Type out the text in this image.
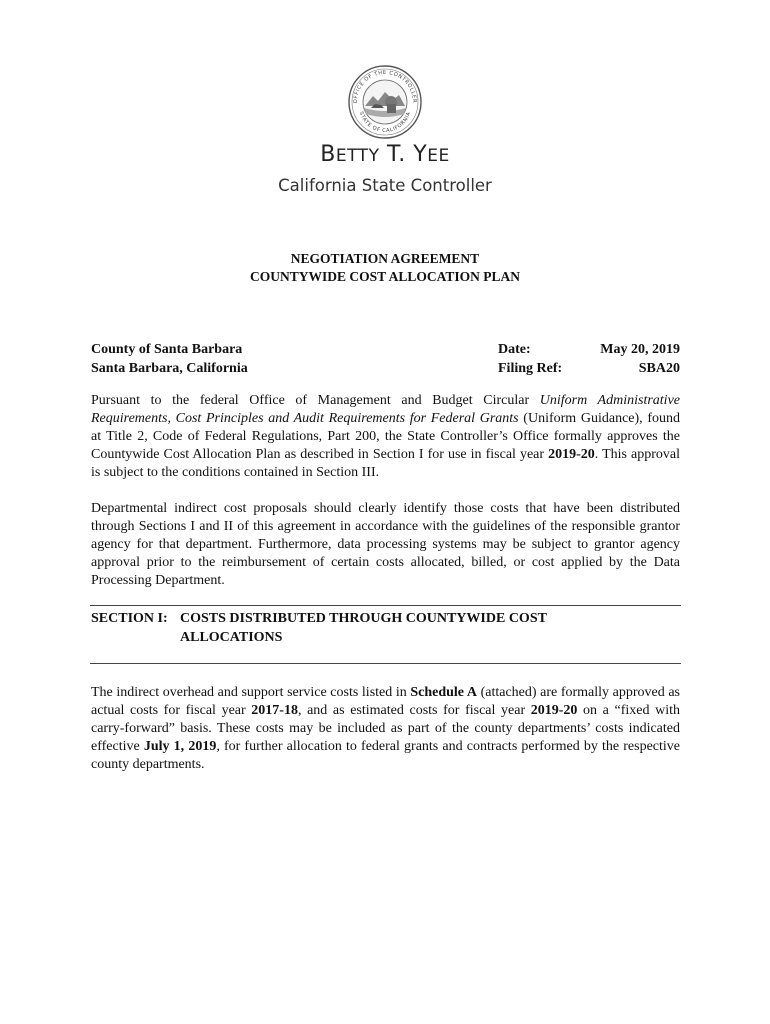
OFFICE OF THE CONTROLLER
STATE OF CALIFORNIA
BETTY T. YEE
California State Controller
NEGOTIATION AGREEMENT
COUNTYWIDE COST ALLOCATION PLAN
County of Santa Barbara
Santa Barbara, California
Date:
Filing Ref:
May 20, 2019
SBA20
Pursuant to the federal Office of Management and Budget Circular Uniform Administrative Requirements, Cost Principles and Audit Requirements for Federal Grants (Uniform Guidance), found at Title 2, Code of Federal Regulations, Part 200, the State Controller’s Office formally approves the Countywide Cost Allocation Plan as described in Section I for use in fiscal year 2019-20. This approval is subject to the conditions contained in Section III.
Departmental indirect cost proposals should clearly identify those costs that have been distributed through Sections I and II of this agreement in accordance with the guidelines of the responsible grantor agency for that department. Furthermore, data processing systems may be subject to grantor agency approval prior to the reimbursement of certain costs allocated, billed, or cost applied by the Data Processing Department.
SECTION I: COSTS DISTRIBUTED THROUGH COUNTYWIDE COST ALLOCATIONS
The indirect overhead and support service costs listed in Schedule A (attached) are formally approved as actual costs for fiscal year 2017-18, and as estimated costs for fiscal year 2019-20 on a “fixed with carry-forward” basis. These costs may be included as part of the county departments’ costs indicated effective July 1, 2019, for further allocation to federal grants and contracts performed by the respective county departments.
